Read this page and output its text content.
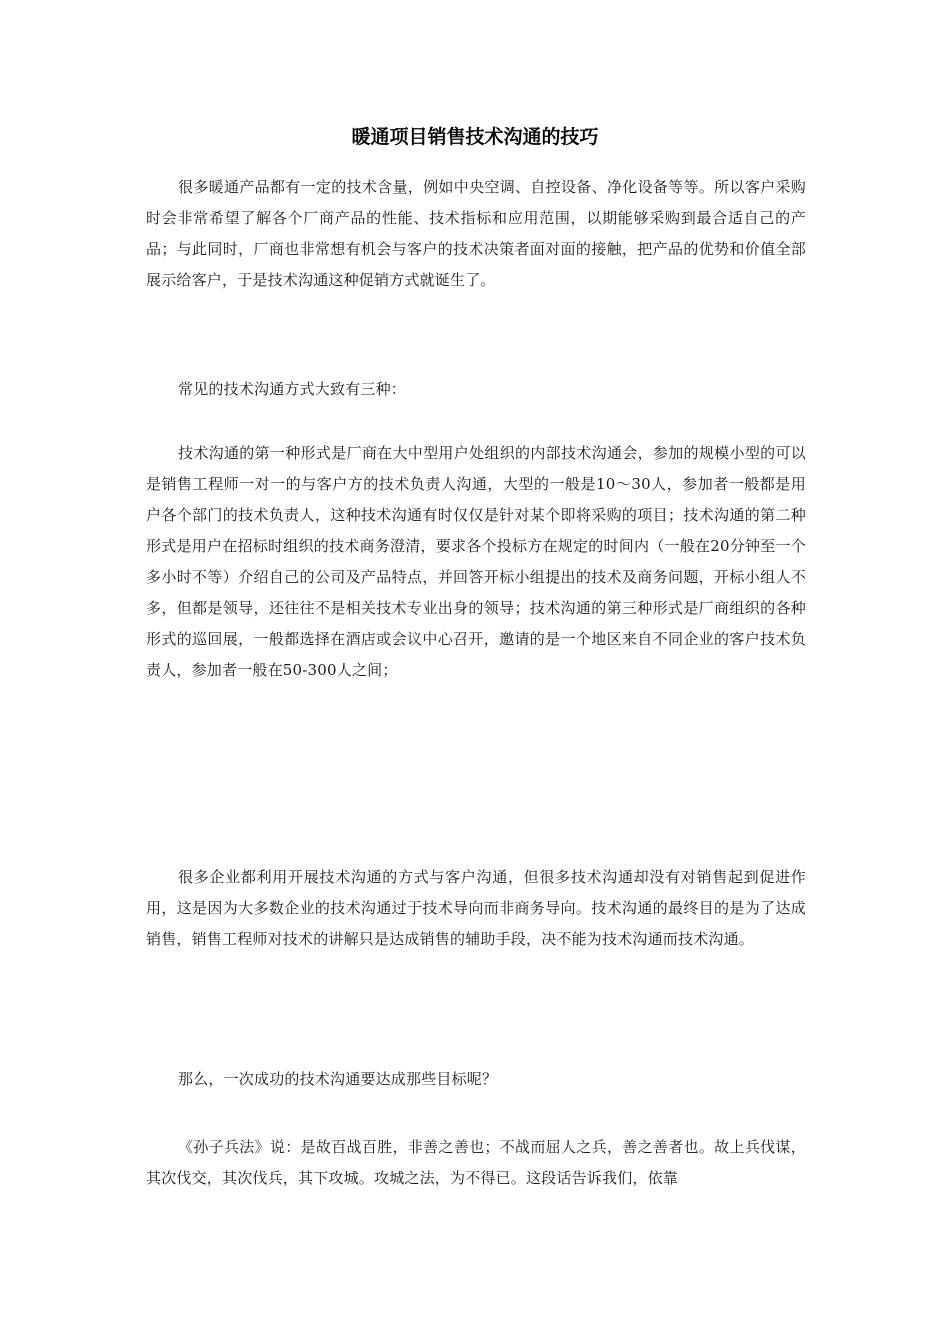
暖通项目销售技术沟通的技巧

很多暖通产品都有一定的技术含量，例如中央空调、自控设备、净化设备等等。所以客户采购时会非常希望了解各个厂商产品的性能、技术指标和应用范围，以期能够采购到最合适自己的产品；与此同时，厂商也非常想有机会与客户的技术决策者面对面的接触，把产品的优势和价值全部展示给客户，于是技术沟通这种促销方式就诞生了。

常见的技术沟通方式大致有三种：

技术沟通的第一种形式是厂商在大中型用户处组织的内部技术沟通会，参加的规模小型的可以是销售工程师一对一的与客户方的技术负责人沟通，大型的一般是10～30人，参加者一般都是用户各个部门的技术负责人，这种技术沟通有时仅仅是针对某个即将采购的项目；技术沟通的第二种形式是用户在招标时组织的技术商务澄清，要求各个投标方在规定的时间内（一般在20分钟至一个多小时不等）介绍自己的公司及产品特点，并回答开标小组提出的技术及商务问题，开标小组人不多，但都是领导，还往往不是相关技术专业出身的领导；技术沟通的第三种形式是厂商组织的各种形式的巡回展，一般都选择在酒店或会议中心召开，邀请的是一个地区来自不同企业的客户技术负责人，参加者一般在50-300人之间；

很多企业都利用开展技术沟通的方式与客户沟通，但很多技术沟通却没有对销售起到促进作用，这是因为大多数企业的技术沟通过于技术导向而非商务导向。技术沟通的最终目的是为了达成销售，销售工程师对技术的讲解只是达成销售的辅助手段，决不能为技术沟通而技术沟通。

那么，一次成功的技术沟通要达成那些目标呢？

《孙子兵法》说：是故百战百胜，非善之善也；不战而屈人之兵，善之善者也。故上兵伐谋，其次伐交，其次伐兵，其下攻城。攻城之法，为不得已。这段话告诉我们，依靠
